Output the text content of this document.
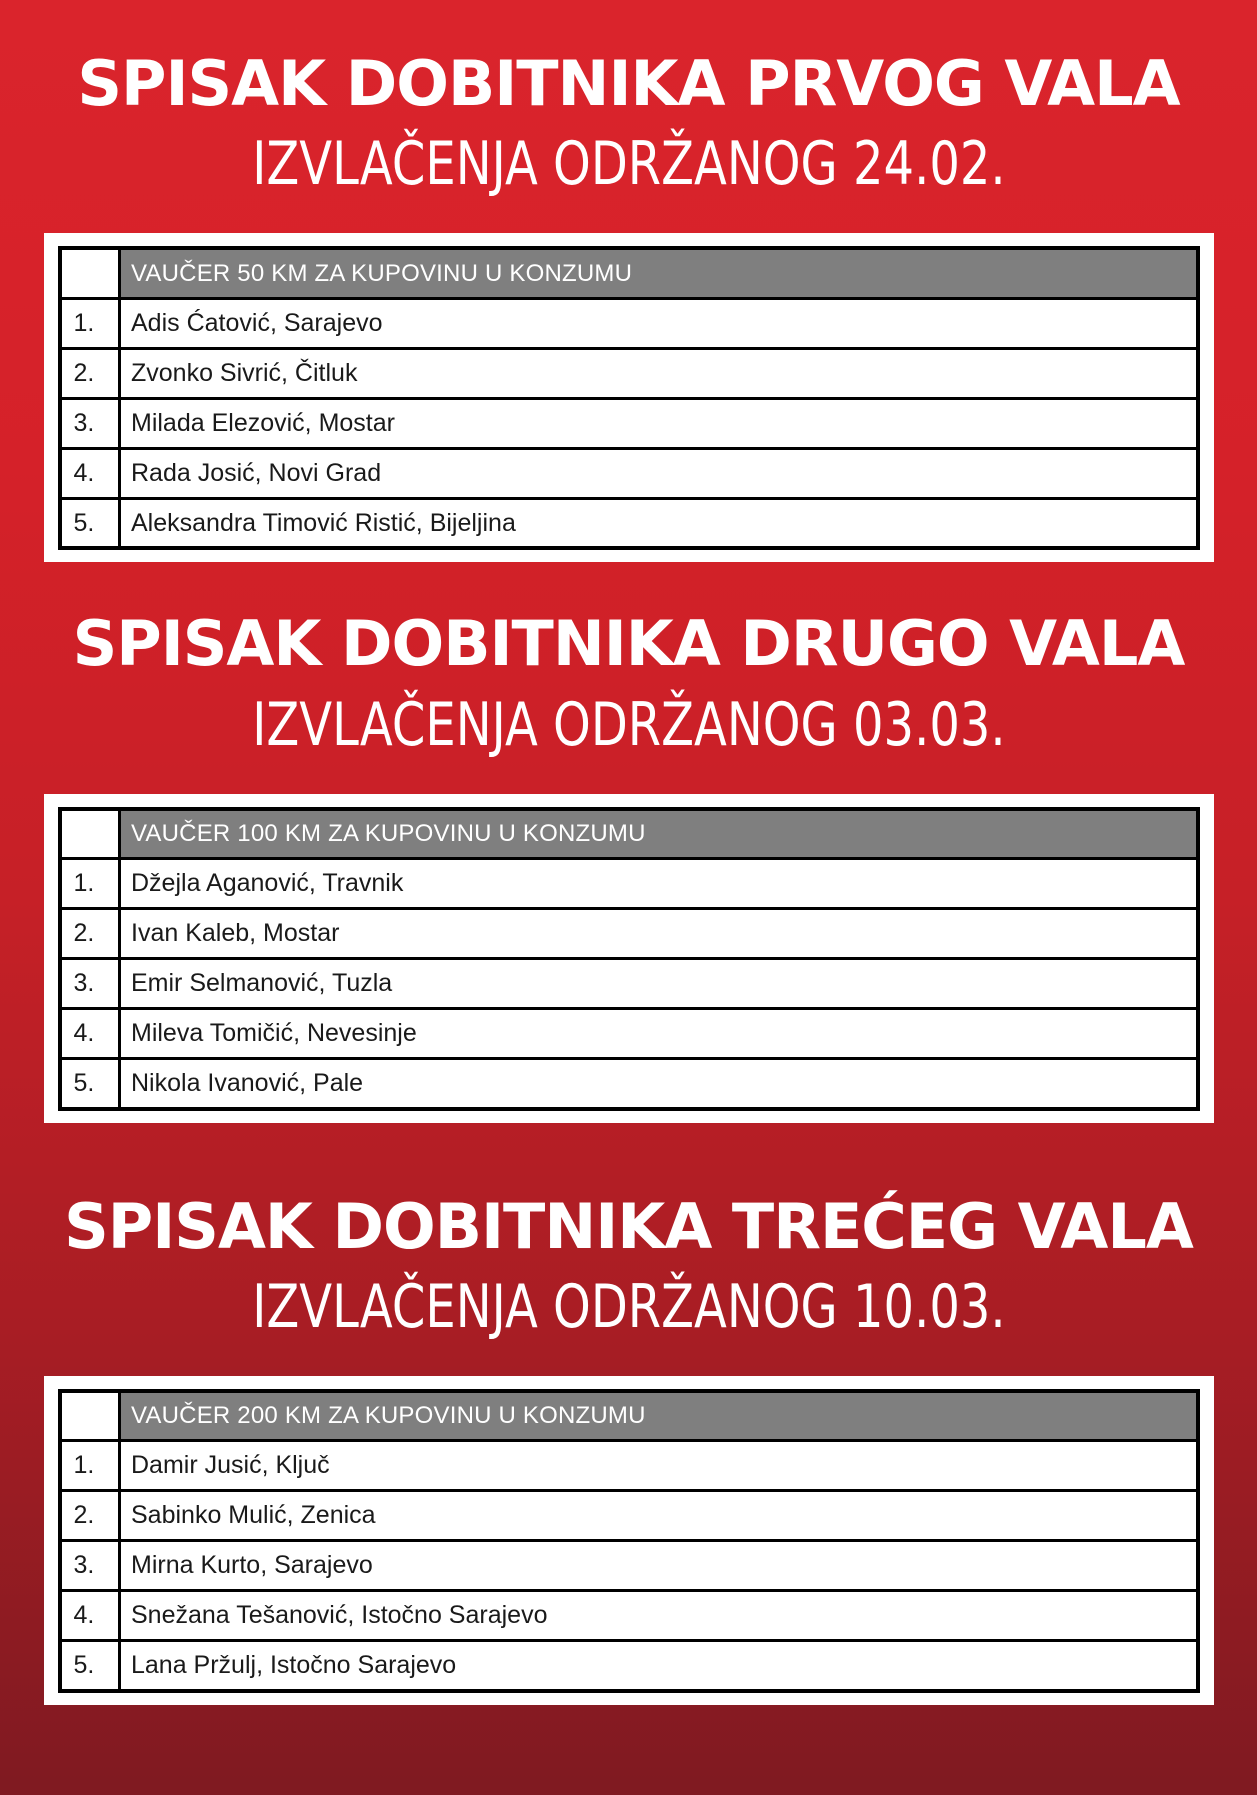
SPISAK DOBITNIKA PRVOG VALA
IZVLAČENJA ODRŽANOG 24.02.
	VAUČER 50 KM ZA KUPOVINU U KONZUMU
1.	Adis Ćatović, Sarajevo
2.	Zvonko Sivrić, Čitluk
3.	Milada Elezović, Mostar
4.	Rada Josić, Novi Grad
5.	Aleksandra Timović Ristić, Bijeljina
SPISAK DOBITNIKA DRUGO VALA
IZVLAČENJA ODRŽANOG 03.03.
	VAUČER 100 KM ZA KUPOVINU U KONZUMU
1.	Džejla Aganović, Travnik
2.	Ivan Kaleb, Mostar
3.	Emir Selmanović, Tuzla
4.	Mileva Tomičić, Nevesinje
5.	Nikola Ivanović, Pale
SPISAK DOBITNIKA TREĆEG VALA
IZVLAČENJA ODRŽANOG 10.03.
	VAUČER 200 KM ZA KUPOVINU U KONZUMU
1.	Damir Jusić, Ključ
2.	Sabinko Mulić, Zenica
3.	Mirna Kurto, Sarajevo
4.	Snežana Tešanović, Istočno Sarajevo
5.	Lana Pržulj, Istočno Sarajevo
